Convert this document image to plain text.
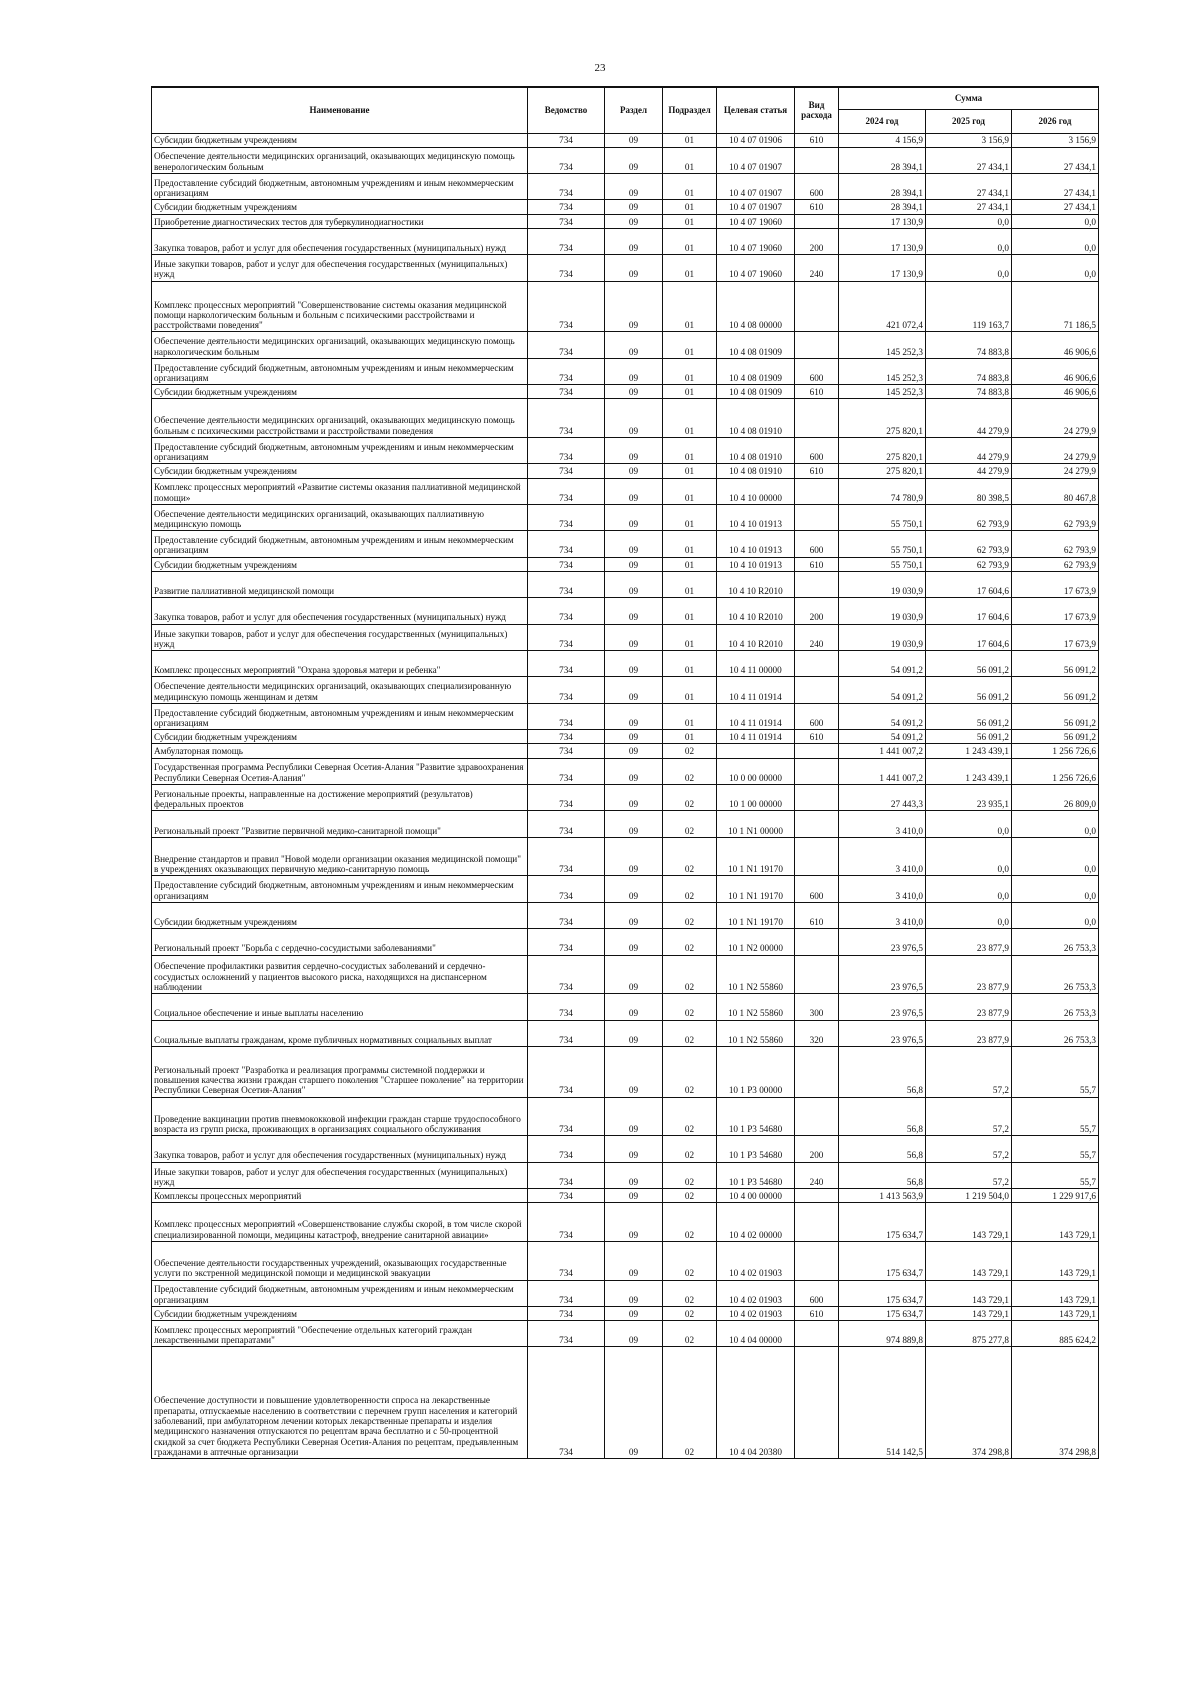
23
Наименование	Ведомство	Раздел	Подраздел	Целевая статья	Вид расхода	Сумма		
						2024 год	2025 год	2026 год
Субсидии бюджетным учреждениям	734	09	01	10 4 07 01906	610	4 156,9	3 156,9	3 156,9
Обеспечение деятельности медицинских организаций, оказывающих медицинскую помощь венерологическим больным	734	09	01	10 4 07 01907		28 394,1	27 434,1	27 434,1
Предоставление субсидий бюджетным, автономным учреждениям и иным некоммерческим организациям	734	09	01	10 4 07 01907	600	28 394,1	27 434,1	27 434,1
Субсидии бюджетным учреждениям	734	09	01	10 4 07 01907	610	28 394,1	27 434,1	27 434,1
Приобретение диагностических тестов для туберкулинодиагностики	734	09	01	10 4 07 19060		17 130,9	0,0	0,0
Закупка товаров, работ и услуг для обеспечения государственных (муниципальных) нужд	734	09	01	10 4 07 19060	200	17 130,9	0,0	0,0
Иные закупки товаров, работ и услуг для обеспечения государственных (муниципальных) нужд	734	09	01	10 4 07 19060	240	17 130,9	0,0	0,0
Комплекс процессных мероприятий "Совершенствование системы оказания медицинской помощи наркологическим больным и больным с психическими расстройствами и расстройствами поведения"	734	09	01	10 4 08 00000		421 072,4	119 163,7	71 186,5
Обеспечение деятельности медицинских организаций, оказывающих медицинскую помощь наркологическим больным	734	09	01	10 4 08 01909		145 252,3	74 883,8	46 906,6
Предоставление субсидий бюджетным, автономным учреждениям и иным некоммерческим организациям	734	09	01	10 4 08 01909	600	145 252,3	74 883,8	46 906,6
Субсидии бюджетным учреждениям	734	09	01	10 4 08 01909	610	145 252,3	74 883,8	46 906,6
Обеспечение деятельности медицинских организаций, оказывающих медицинскую помощь больным с психическими расстройствами и расстройствами поведения	734	09	01	10 4 08 01910		275 820,1	44 279,9	24 279,9
Предоставление субсидий бюджетным, автономным учреждениям и иным некоммерческим организациям	734	09	01	10 4 08 01910	600	275 820,1	44 279,9	24 279,9
Субсидии бюджетным учреждениям	734	09	01	10 4 08 01910	610	275 820,1	44 279,9	24 279,9
Комплекс процессных мероприятий «Развитие системы оказания паллиативной медицинской помощи»	734	09	01	10 4 10 00000		74 780,9	80 398,5	80 467,8
Обеспечение деятельности медицинских организаций, оказывающих паллиативную медицинскую помощь	734	09	01	10 4 10 01913		55 750,1	62 793,9	62 793,9
Предоставление субсидий бюджетным, автономным учреждениям и иным некоммерческим организациям	734	09	01	10 4 10 01913	600	55 750,1	62 793,9	62 793,9
Субсидии бюджетным учреждениям	734	09	01	10 4 10 01913	610	55 750,1	62 793,9	62 793,9
Развитие паллиативной медицинской помощи	734	09	01	10 4 10 R2010		19 030,9	17 604,6	17 673,9
Закупка товаров, работ и услуг для обеспечения государственных (муниципальных) нужд	734	09	01	10 4 10 R2010	200	19 030,9	17 604,6	17 673,9
Иные закупки товаров, работ и услуг для обеспечения государственных (муниципальных) нужд	734	09	01	10 4 10 R2010	240	19 030,9	17 604,6	17 673,9
Комплекс процессных мероприятий "Охрана здоровья матери и ребенка"	734	09	01	10 4 11 00000		54 091,2	56 091,2	56 091,2
Обеспечение деятельности медицинских организаций, оказывающих специализированную медицинскую помощь женщинам и детям	734	09	01	10 4 11 01914		54 091,2	56 091,2	56 091,2
Предоставление субсидий бюджетным, автономным учреждениям и иным некоммерческим организациям	734	09	01	10 4 11 01914	600	54 091,2	56 091,2	56 091,2
Субсидии бюджетным учреждениям	734	09	01	10 4 11 01914	610	54 091,2	56 091,2	56 091,2
Амбулаторная помощь	734	09	02			1 441 007,2	1 243 439,1	1 256 726,6
Государственная программа Республики Северная Осетия-Алания "Развитие здравоохранения Республики Северная Осетия-Алания"	734	09	02	10 0 00 00000		1 441 007,2	1 243 439,1	1 256 726,6
Региональные проекты, направленные на достижение мероприятий (результатов) федеральных проектов	734	09	02	10 1 00 00000		27 443,3	23 935,1	26 809,0
Региональный проект "Развитие первичной медико-санитарной помощи"	734	09	02	10 1 N1 00000		3 410,0	0,0	0,0
Внедрение стандартов и правил "Новой модели организации оказания медицинской помощи" в учреждениях оказывающих первичную медико-санитарную помощь	734	09	02	10 1 N1 19170		3 410,0	0,0	0,0
Предоставление субсидий бюджетным, автономным учреждениям и иным некоммерческим организациям	734	09	02	10 1 N1 19170	600	3 410,0	0,0	0,0
Субсидии бюджетным учреждениям	734	09	02	10 1 N1 19170	610	3 410,0	0,0	0,0
Региональный проект "Борьба с сердечно-сосудистыми заболеваниями"	734	09	02	10 1 N2 00000		23 976,5	23 877,9	26 753,3
Обеспечение профилактики развития сердечно-сосудистых заболеваний и сердечно-сосудистых осложнений у пациентов высокого риска, находящихся на диспансерном наблюдении	734	09	02	10 1 N2 55860		23 976,5	23 877,9	26 753,3
Социальное обеспечение и иные выплаты населению	734	09	02	10 1 N2 55860	300	23 976,5	23 877,9	26 753,3
Социальные выплаты гражданам, кроме публичных нормативных социальных выплат	734	09	02	10 1 N2 55860	320	23 976,5	23 877,9	26 753,3
Региональный проект "Разработка и реализация программы системной поддержки и повышения качества жизни граждан старшего поколения "Старшее поколение" на территории Республики Северная Осетия-Алания"	734	09	02	10 1 P3 00000		56,8	57,2	55,7
Проведение вакцинации против пневмококковой инфекции граждан старше трудоспособного возраста из групп риска, проживающих в организациях социального обслуживания	734	09	02	10 1 P3 54680		56,8	57,2	55,7
Закупка товаров, работ и услуг для обеспечения государственных (муниципальных) нужд	734	09	02	10 1 P3 54680	200	56,8	57,2	55,7
Иные закупки товаров, работ и услуг для обеспечения государственных (муниципальных) нужд	734	09	02	10 1 P3 54680	240	56,8	57,2	55,7
Комплексы процессных мероприятий	734	09	02	10 4 00 00000		1 413 563,9	1 219 504,0	1 229 917,6
Комплекс процессных мероприятий «Совершенствование службы скорой, в том числе скорой специализированной помощи, медицины катастроф, внедрение санитарной авиации»	734	09	02	10 4 02 00000		175 634,7	143 729,1	143 729,1
Обеспечение деятельности государственных учреждений, оказывающих государственные услуги по экстренной медицинской помощи и медицинской эвакуации	734	09	02	10 4 02 01903		175 634,7	143 729,1	143 729,1
Предоставление субсидий бюджетным, автономным учреждениям и иным некоммерческим организациям	734	09	02	10 4 02 01903	600	175 634,7	143 729,1	143 729,1
Субсидии бюджетным учреждениям	734	09	02	10 4 02 01903	610	175 634,7	143 729,1	143 729,1
Комплекс процессных мероприятий "Обеспечение отдельных категорий граждан лекарственными препаратами"	734	09	02	10 4 04 00000		974 889,8	875 277,8	885 624,2
Обеспечение доступности и повышение удовлетворенности спроса на лекарственные препараты, отпускаемые населению в соответствии с перечнем групп населения и категорий заболеваний, при амбулаторном лечении которых лекарственные препараты и изделия медицинского назначения отпускаются по рецептам врача бесплатно и с 50-процентной скидкой за счет бюджета Республики Северная Осетия-Алания по рецептам, предъявленным гражданами в аптечные организации	734	09	02	10 4 04 20380		514 142,5	374 298,8	374 298,8
